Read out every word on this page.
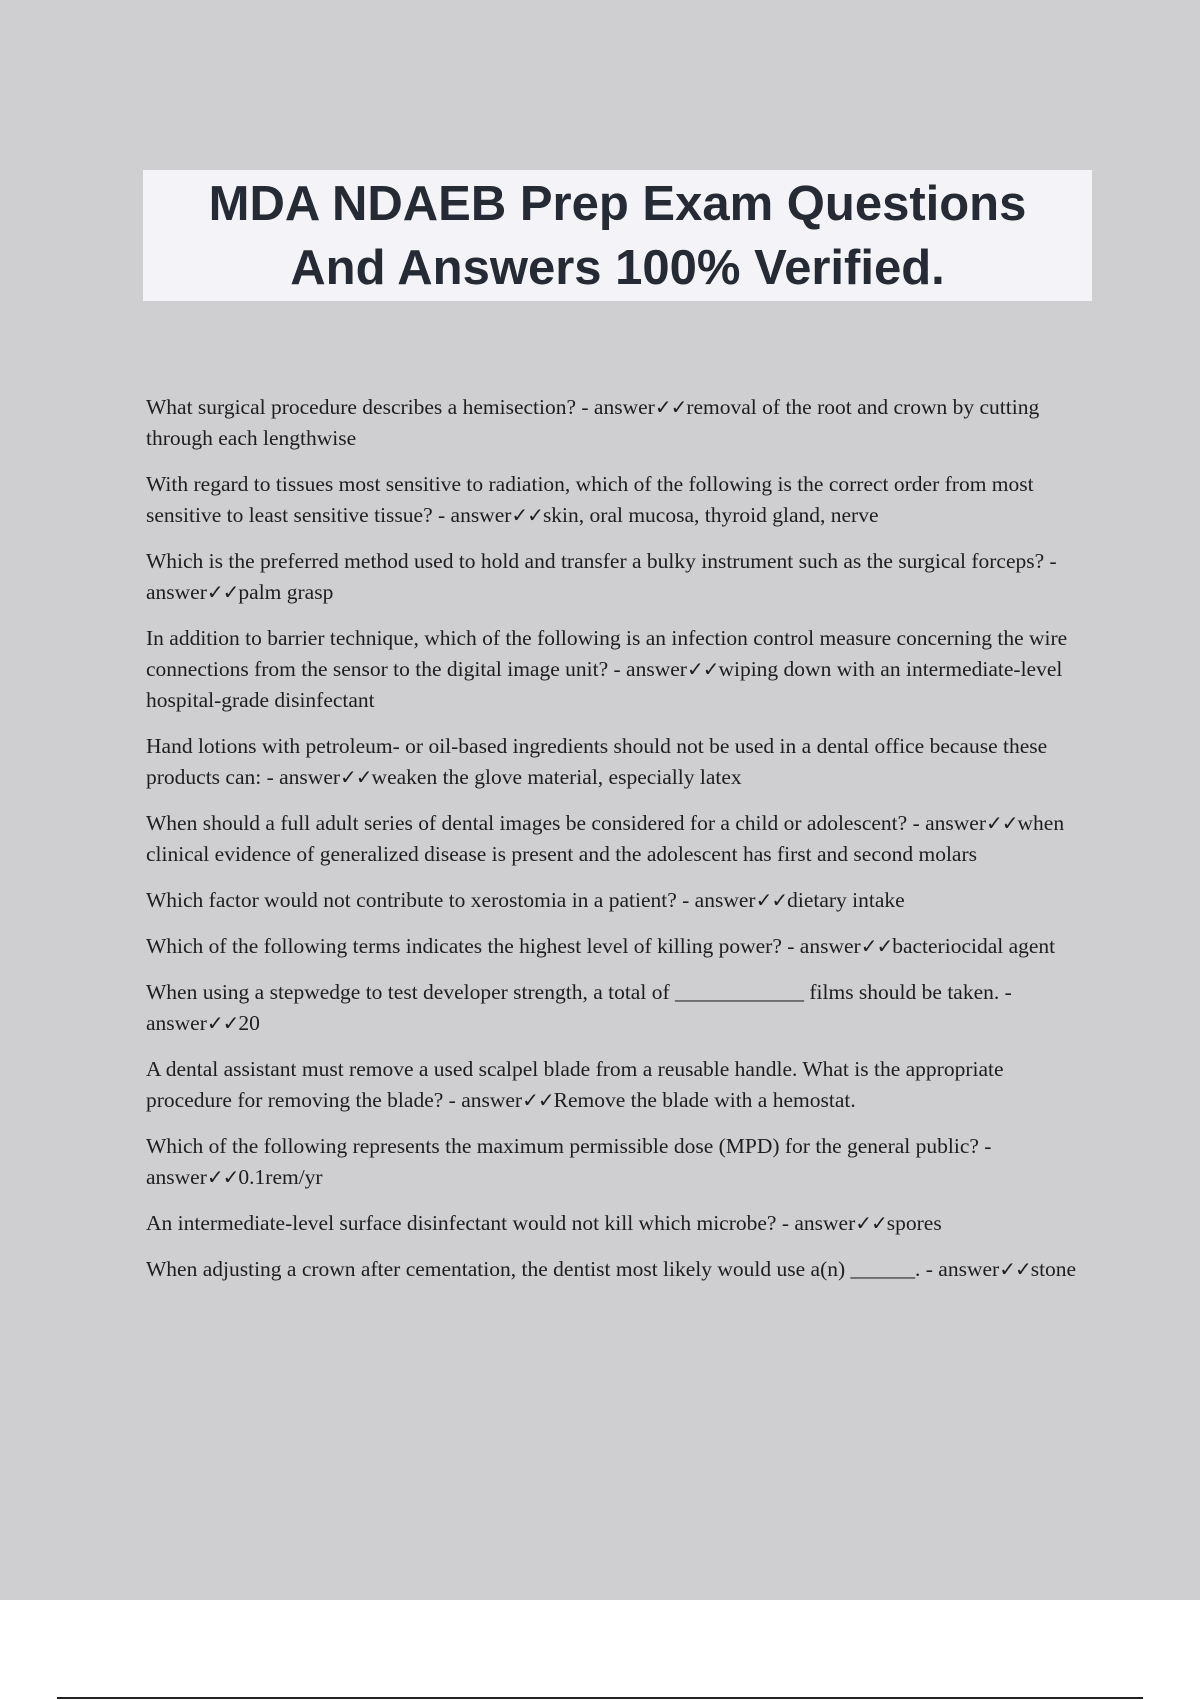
MDA NDAEB Prep Exam Questions
And Answers 100% Verified.

What surgical procedure describes a hemisection? - answer✓✓removal of the root and crown by cutting through each lengthwise

With regard to tissues most sensitive to radiation, which of the following is the correct order from most sensitive to least sensitive tissue? - answer✓✓skin, oral mucosa, thyroid gland, nerve

Which is the preferred method used to hold and transfer a bulky instrument such as the surgical forceps? - answer✓✓palm grasp

In addition to barrier technique, which of the following is an infection control measure concerning the wire connections from the sensor to the digital image unit? - answer✓✓wiping down with an intermediate-level hospital-grade disinfectant

Hand lotions with petroleum- or oil-based ingredients should not be used in a dental office because these products can: - answer✓✓weaken the glove material, especially latex

When should a full adult series of dental images be considered for a child or adolescent? - answer✓✓when clinical evidence of generalized disease is present and the adolescent has first and second molars

Which factor would not contribute to xerostomia in a patient? - answer✓✓dietary intake

Which of the following terms indicates the highest level of killing power? - answer✓✓bacteriocidal agent

When using a stepwedge to test developer strength, a total of ____________ films should be taken. - answer✓✓20

A dental assistant must remove a used scalpel blade from a reusable handle. What is the appropriate procedure for removing the blade? - answer✓✓Remove the blade with a hemostat.

Which of the following represents the maximum permissible dose (MPD) for the general public? - answer✓✓0.1rem/yr

An intermediate-level surface disinfectant would not kill which microbe? - answer✓✓spores

When adjusting a crown after cementation, the dentist most likely would use a(n) ______. - answer✓✓stone
